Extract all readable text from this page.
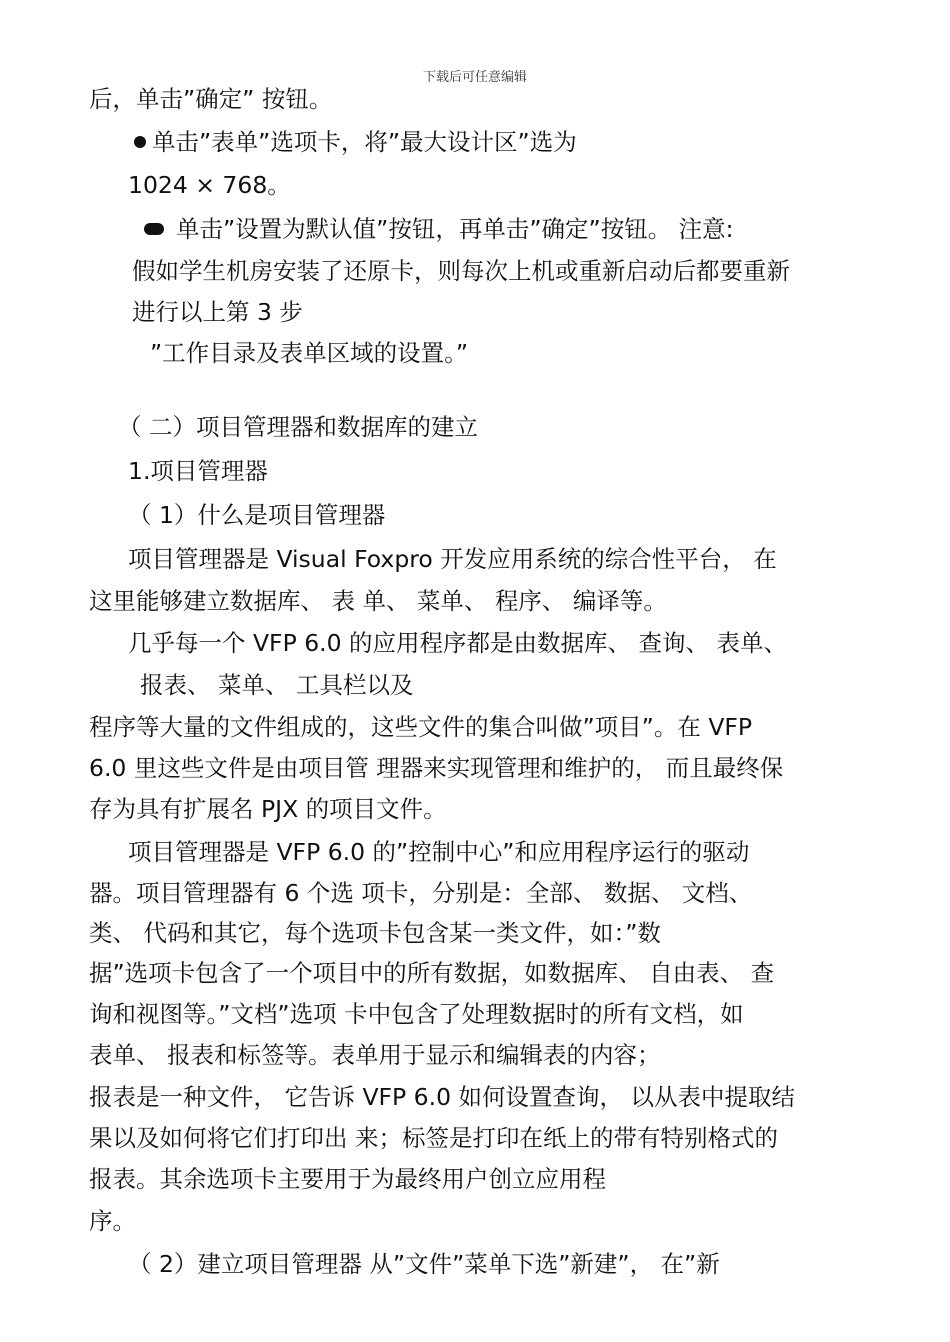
下载后可任意编辑
后，单击”确定” 按钮。
单击”表单”选项卡，将”最大设计区”选为
1024 × 768。
单击”设置为默认值”按钮，再单击”确定”按钮。 注意:
假如学生机房安装了还原卡，则每次上机或重新启动后都要重新
进行以上第 3 步
”工作目录及表单区域的设置。”
（ 二）项目管理器和数据库的建立
1.项目管理器
（ 1）什么是项目管理器
项目管理器是 Visual Foxpro 开发应用系统的综合性平台， 在
这里能够建立数据库、 表 单、 菜单、 程序、 编译等。
几乎每一个 VFP 6.0 的应用程序都是由数据库、 查询、 表单、
报表、 菜单、 工具栏以及
程序等大量的文件组成的，这些文件的集合叫做”项目”。在 VFP
6.0 里这些文件是由项目管 理器来实现管理和维护的， 而且最终保
存为具有扩展名 PJX 的项目文件。
项目管理器是 VFP 6.0 的”控制中心”和应用程序运行的驱动
器。项目管理器有 6 个选 项卡，分别是：全部、 数据、 文档、
类、 代码和其它，每个选项卡包含某一类文件，如：”数
据”选项卡包含了一个项目中的所有数据，如数据库、 自由表、 查
询和视图等。”文档”选项 卡中包含了处理数据时的所有文档，如
表单、 报表和标签等。表单用于显示和编辑表的内容；
报表是一种文件， 它告诉 VFP 6.0 如何设置查询， 以从表中提取结
果以及如何将它们打印出 来；标签是打印在纸上的带有特别格式的
报表。其余选项卡主要用于为最终用户创立应用程
序。
（ 2）建立项目管理器 从”文件”菜单下选”新建”， 在”新
